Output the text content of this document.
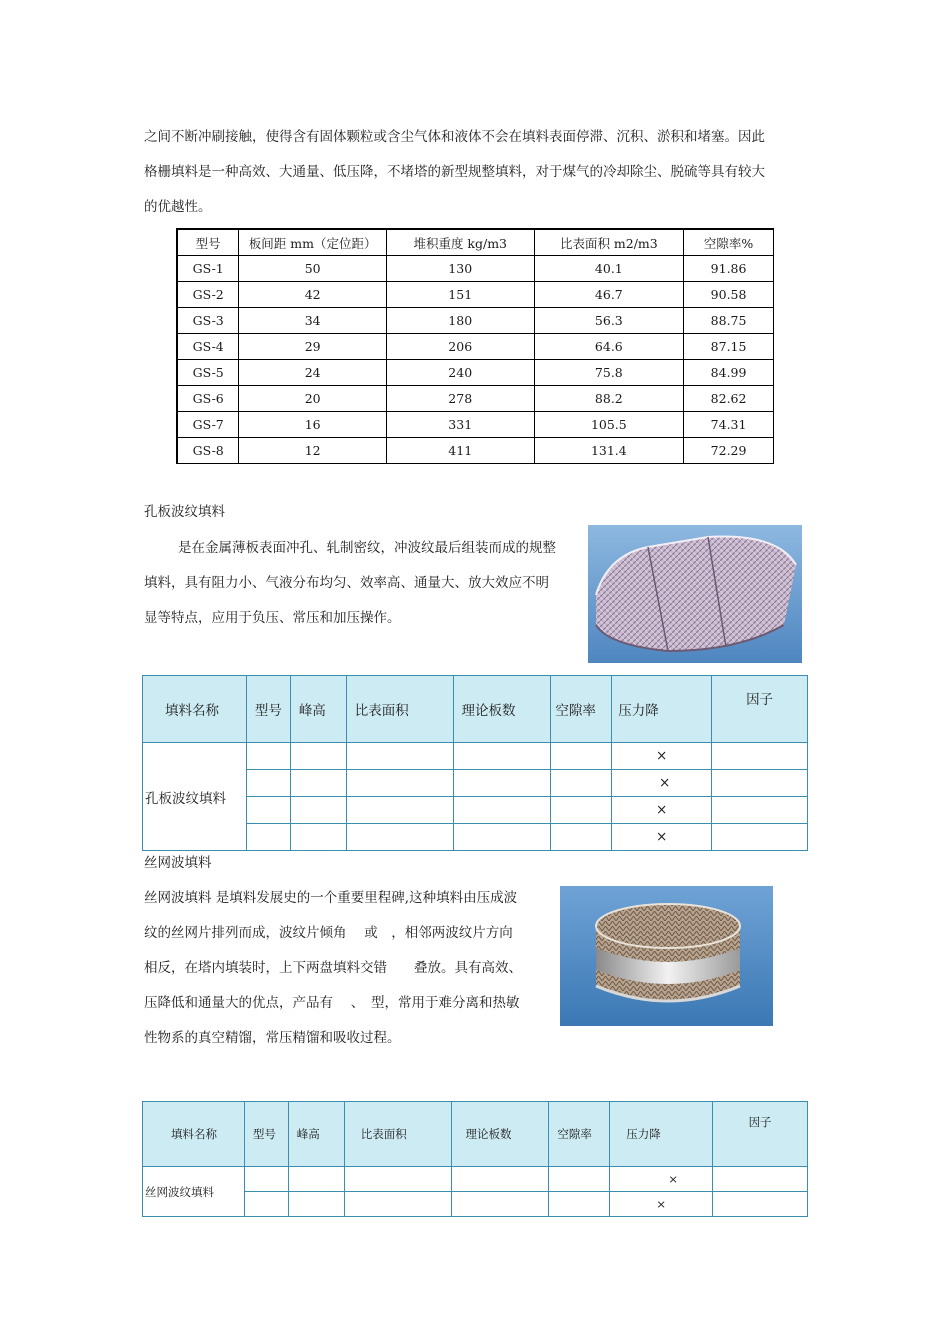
之间不断冲刷接触，使得含有固体颗粒或含尘气体和液体不会在填料表面停滞、沉积、淤积和堵塞。因此
格栅填料是一种高效、大通量、低压降，不堵塔的新型规整填料，对于煤气的冷却除尘、脱硫等具有较大
的优越性。
型号	板间距 mm（定位距）	堆积重度 kg/m3	比表面积 m2/m3	空隙率%
GS-1	50	130	40.1	91.86
GS-2	42	151	46.7	90.58
GS-3	34	180	56.3	88.75
GS-4	29	206	64.6	87.15
GS-5	24	240	75.8	84.99
GS-6	20	278	88.2	82.62
GS-7	16	331	105.5	74.31
GS-8	12	411	131.4	72.29
孔板波纹填料
是在金属薄板表面冲孔、轧制密纹，冲波纹最后组装而成的规整
填料，具有阻力小、气液分布均匀、效率高、通量大、放大效应不明
显等特点，应用于负压、常压和加压操作。
填料名称	型号	峰高	比表面积	理论板数	空隙率	压力降	因子
孔板波纹填料						×	
						×	
						×	
						×	
丝网波填料
丝网波填料 是填料发展史的一个重要里程碑,这种填料由压成波
纹的丝网片排列而成，波纹片倾角 　或　，相邻两波纹片方向
相反，在塔内填装时，上下两盘填料交错　　叠放。具有高效、
压降低和通量大的优点，产品有 　、　型，常用于难分离和热敏
性物系的真空精馏，常压精馏和吸收过程。
填料名称	型号	峰高	比表面积	理论板数	空隙率	压力降	因子
丝网波纹填料						×	
						×	
